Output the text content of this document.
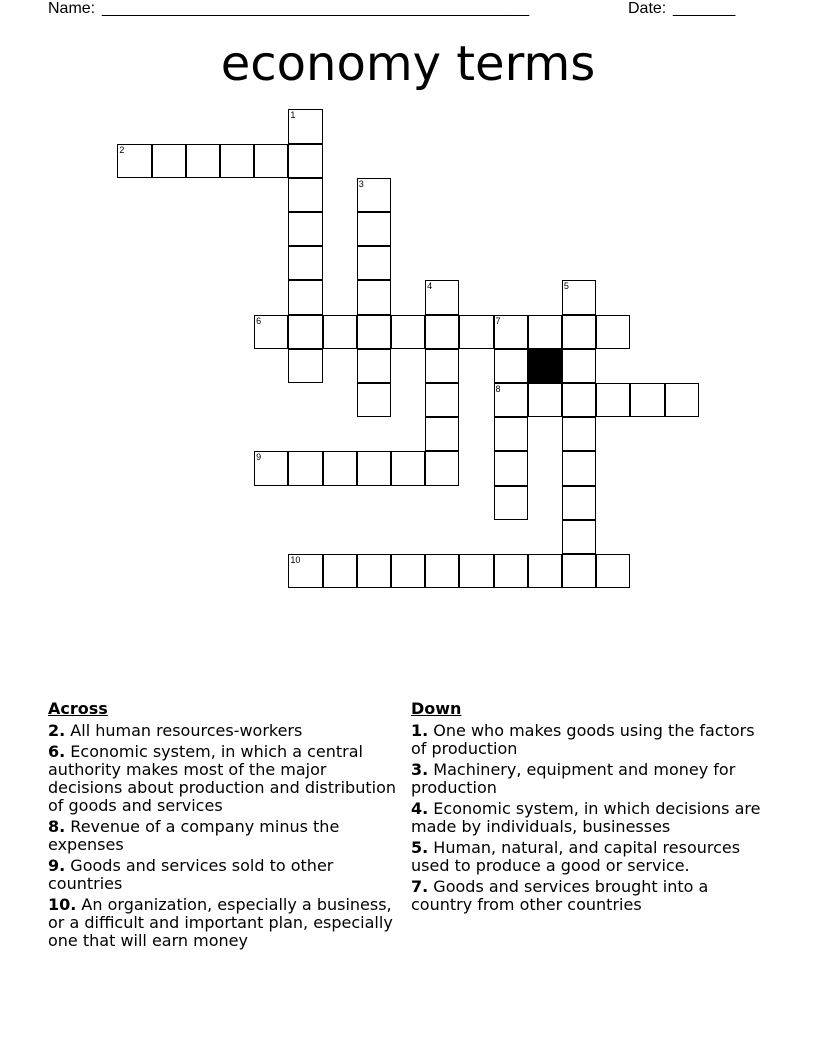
Name: ________________________________________________	Date: _______
economy terms
1
2
3
4	5
6	7
8
9
10
Across
2. All human resources-workers
6. Economic system, in which a central authority makes most of the major decisions about production and distribution of goods and services
8. Revenue of a company minus the expenses
9. Goods and services sold to other countries
10. An organization, especially a business, or a difficult and important plan, especially one that will earn money
Down
1. One who makes goods using the factors of production
3. Machinery, equipment and money for production
4. Economic system, in which decisions are made by individuals, businesses
5. Human, natural, and capital resources used to produce a good or service.
7. Goods and services brought into a country from other countries
